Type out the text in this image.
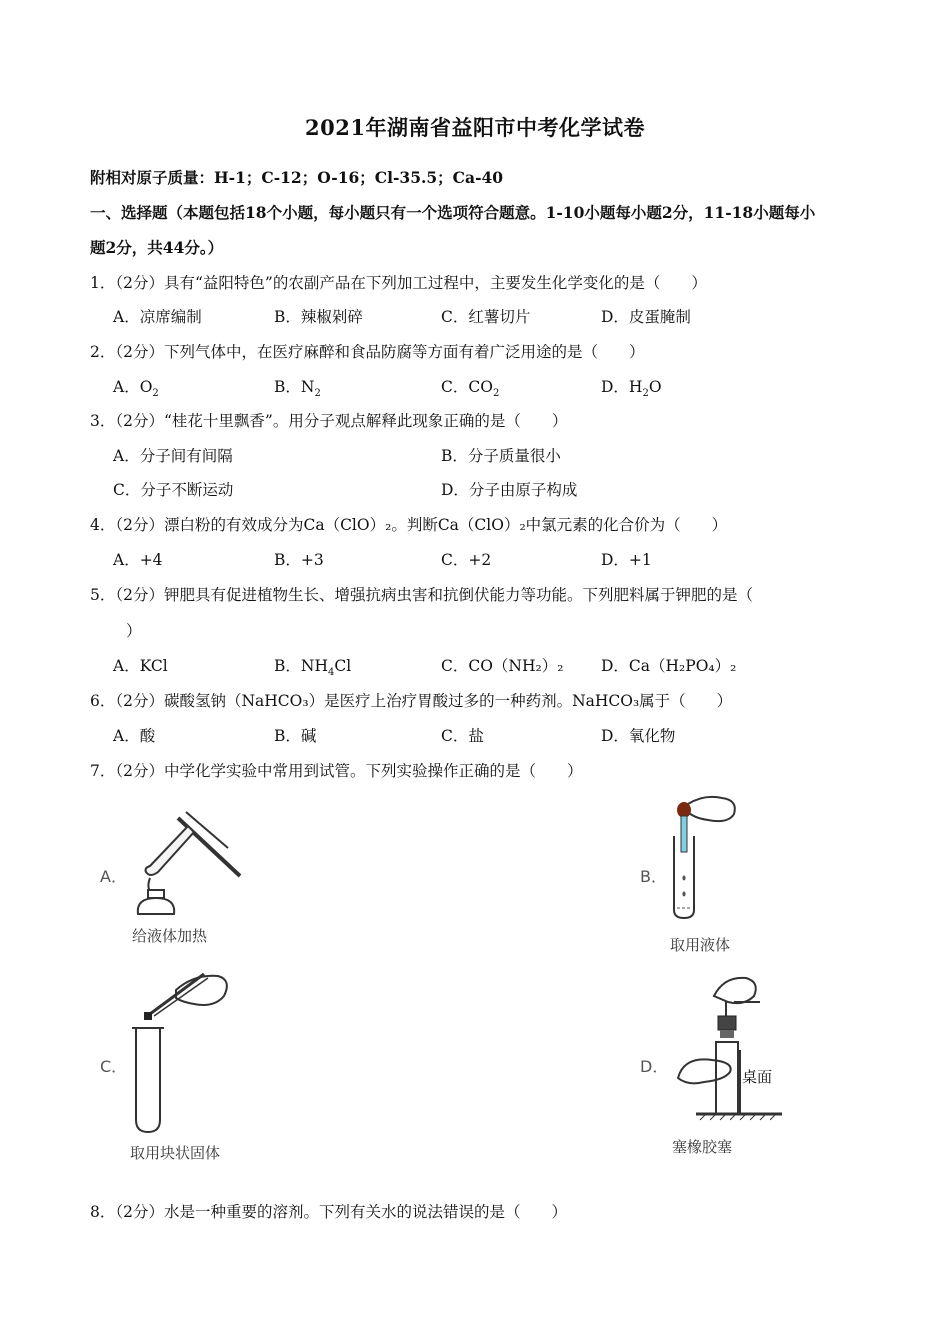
2021年湖南省益阳市中考化学试卷
附相对原子质量：H-1；C-12；O-16；Cl-35.5；Ca-40
一、选择题（本题包括18个小题，每小题只有一个选项符合题意。1-10小题每小题2分，11-18小题每小
题2分，共44分。）
1．（2分）具有“益阳特色”的农副产品在下列加工过程中，主要发生化学变化的是（　　）
A．凉席编制	B．辣椒剁碎	C．红薯切片	D．皮蛋腌制
2．（2分）下列气体中，在医疗麻醉和食品防腐等方面有着广泛用途的是（　　）
A．$O_2$	B．$N_2$	C．$CO_2$	D．$H_2O$
3．（2分）“桂花十里飘香”。用分子观点解释此现象正确的是（　　）
A．分子间有间隔	B．分子质量很小
C．分子不断运动	D．分子由原子构成
4．（2分）漂白粉的有效成分为Ca（ClO）₂。判断Ca（ClO）₂中氯元素的化合价为（　　）
A．+4	B．+3	C．+2	D．+1
5．（2分）钾肥具有促进植物生长、增强抗病虫害和抗倒伏能力等功能。下列肥料属于钾肥的是（
）
A．KCl	B．$NH_4Cl$	C．CO（NH₂）₂ D．Ca（H₂PO₄）₂
6．（2分）碳酸氢钠（NaHCO₃）是医疗上治疗胃酸过多的一种药剂。NaHCO₃属于（　　）
A．酸	B．碱	C．盐	D．氧化物
7．（2分）中学化学实验中常用到试管。下列实验操作正确的是（　　）
A．
给液体加热
B．
取用液体
C．
取用块状固体
D．
桌面
塞橡胶塞
8．（2分）水是一种重要的溶剂。下列有关水的说法错误的是（　　）
